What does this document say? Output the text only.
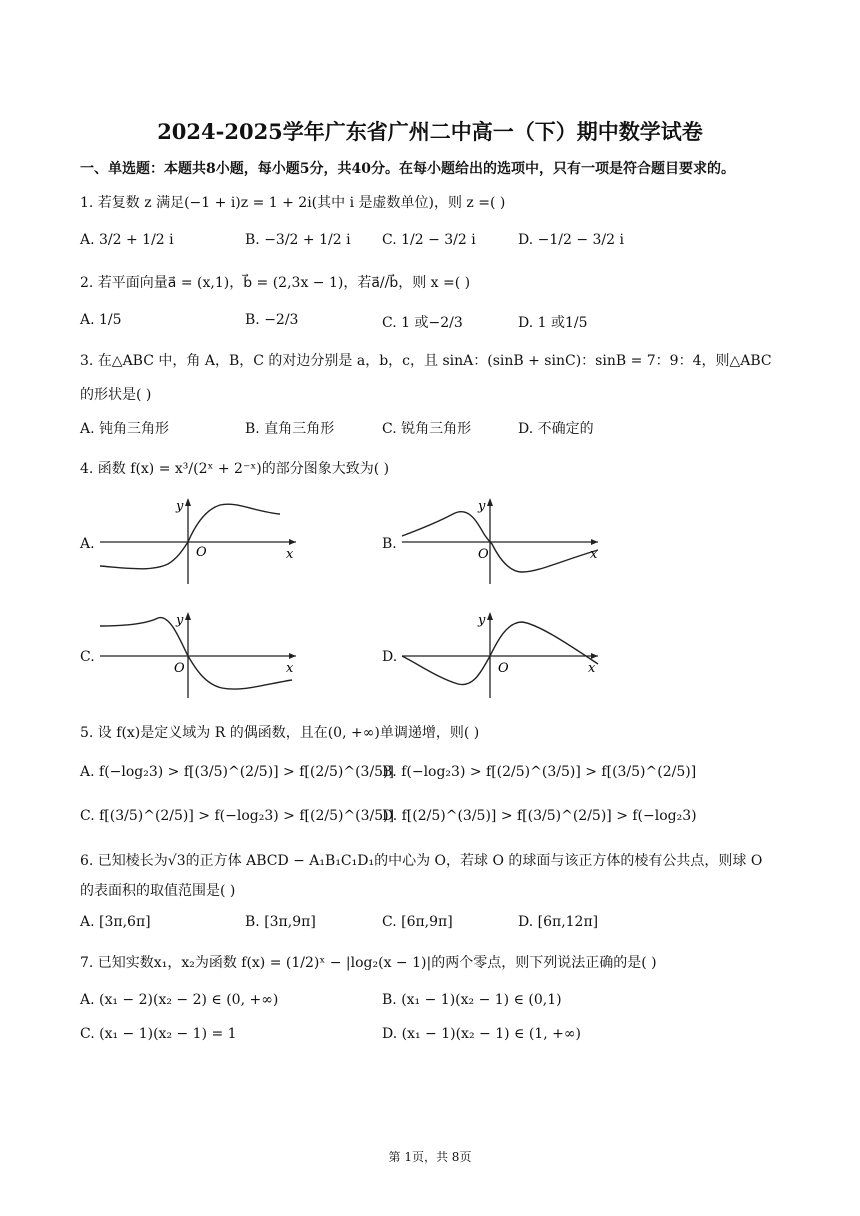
2024-2025学年广东省广州二中高一（下）期中数学试卷
一、单选题：本题共8小题，每小题5分，共40分。在每小题给出的选项中，只有一项是符合题目要求的。
1. 若复数 z 满足(−1 + i)z = 1 + 2i(其中 i 是虚数单位)，则 z =( )
A. 3/2 + 1/2 i	B. −3/2 + 1/2 i C. 1/2 − 3/2 i	D. −1/2 − 3/2 i
2. 若平面向量a⃗ = (x,1)，b⃗ = (2,3x − 1)，若a⃗//b⃗，则 x =( )
A. 1/5	B. −2/3	C. 1 或−2/3	D. 1 或1/5
3. 在△ABC 中，角 A，B，C 的对边分别是 a，b，c，且 sinA：(sinB + sinC)：sinB = 7：9：4，则△ABC
的形状是( )
A. 钝角三角形	B. 直角三角形	C. 锐角三角形	D. 不确定的
4. 函数 f(x) = x³/(2ˣ + 2⁻ˣ)的部分图象大致为( )
A.
y
O	x
B.
y
O	x
C.
y
O	x
D.
y
O	x
5. 设 f(x)是定义域为 R 的偶函数，且在(0, +∞)单调递增，则( )
A. f(−log₂3) > f[(3/5)^(2/5)] > f[(2/5)^(3/5)]
B. f(−log₂3) > f[(2/5)^(3/5)] > f[(3/5)^(2/5)]
C. f[(3/5)^(2/5)] > f(−log₂3) > f[(2/5)^(3/5)]
D. f[(2/5)^(3/5)] > f[(3/5)^(2/5)] > f(−log₂3)
6. 已知棱长为√3的正方体 ABCD − A₁B₁C₁D₁的中心为 O，若球 O 的球面与该正方体的棱有公共点，则球 O
的表面积的取值范围是( )
A. [3π,6π]	B. [3π,9π]	C. [6π,9π]	D. [6π,12π]
7. 已知实数x₁，x₂为函数 f(x) = (1/2)ˣ − |log₂(x − 1)|的两个零点，则下列说法正确的是( )
A. (x₁ − 2)(x₂ − 2) ∈ (0, +∞)	B. (x₁ − 1)(x₂ − 1) ∈ (0,1)
C. (x₁ − 1)(x₂ − 1) = 1	D. (x₁ − 1)(x₂ − 1) ∈ (1, +∞)
第 1页，共 8页
